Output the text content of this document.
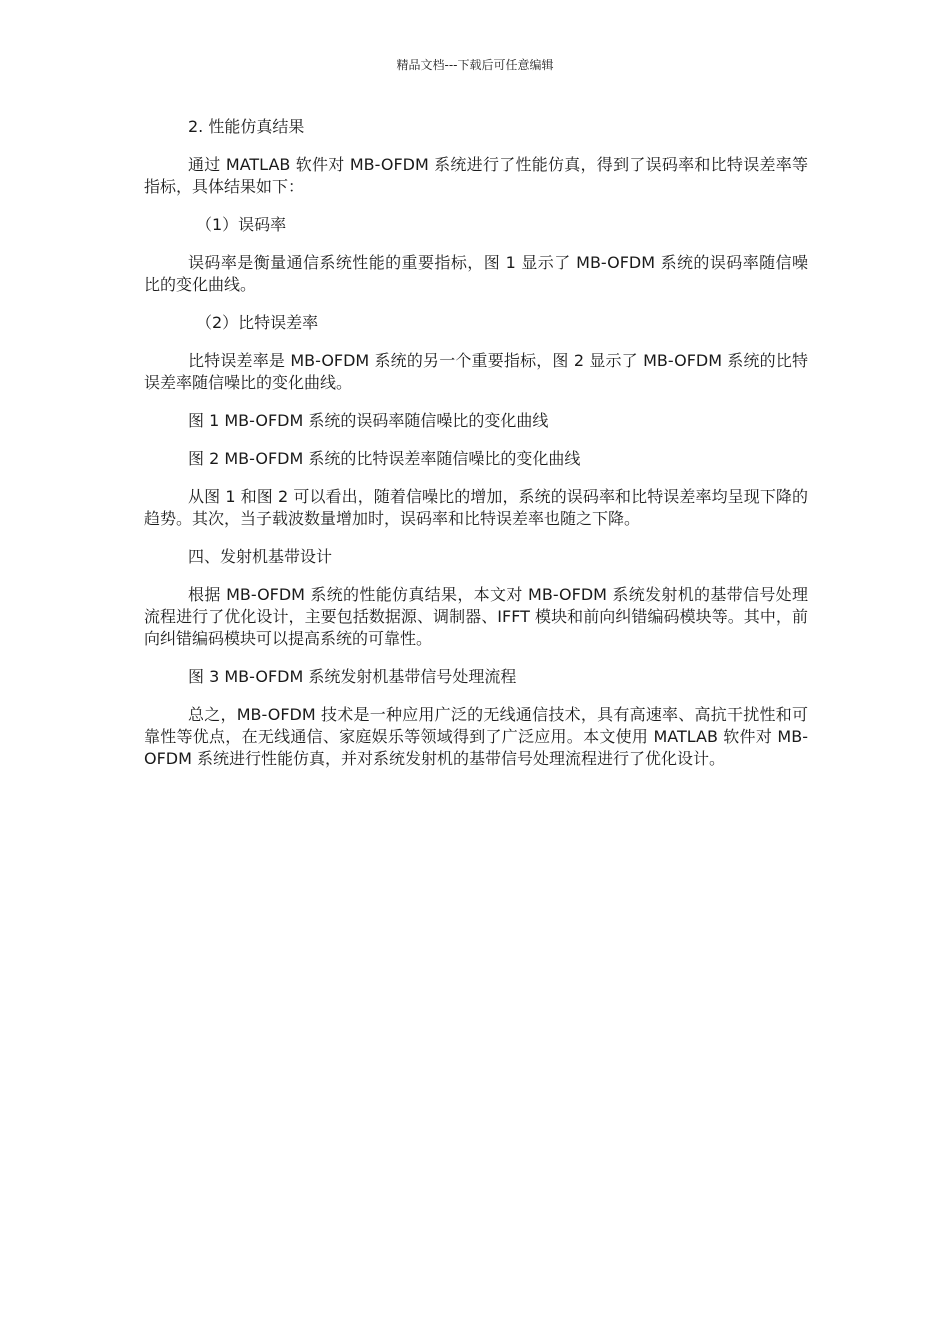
精品文档---下载后可任意编辑

2. 性能仿真结果

通过 MATLAB 软件对 MB-OFDM 系统进行了性能仿真，得到了误码率和比特误差率等指标，具体结果如下：

（1）误码率

误码率是衡量通信系统性能的重要指标，图 1 显示了 MB-OFDM 系统的误码率随信噪比的变化曲线。

（2）比特误差率

比特误差率是 MB-OFDM 系统的另一个重要指标，图 2 显示了 MB-OFDM 系统的比特误差率随信噪比的变化曲线。

图 1 MB-OFDM 系统的误码率随信噪比的变化曲线

图 2 MB-OFDM 系统的比特误差率随信噪比的变化曲线

从图 1 和图 2 可以看出，随着信噪比的增加，系统的误码率和比特误差率均呈现下降的趋势。其次，当子载波数量增加时，误码率和比特误差率也随之下降。

四、发射机基带设计

根据 MB-OFDM 系统的性能仿真结果，本文对 MB-OFDM 系统发射机的基带信号处理流程进行了优化设计，主要包括数据源、调制器、IFFT 模块和前向纠错编码模块等。其中，前向纠错编码模块可以提高系统的可靠性。

图 3 MB-OFDM 系统发射机基带信号处理流程

总之，MB-OFDM 技术是一种应用广泛的无线通信技术，具有高速率、高抗干扰性和可靠性等优点，在无线通信、家庭娱乐等领域得到了广泛应用。本文使用 MATLAB 软件对 MB-OFDM 系统进行性能仿真，并对系统发射机的基带信号处理流程进行了优化设计。
